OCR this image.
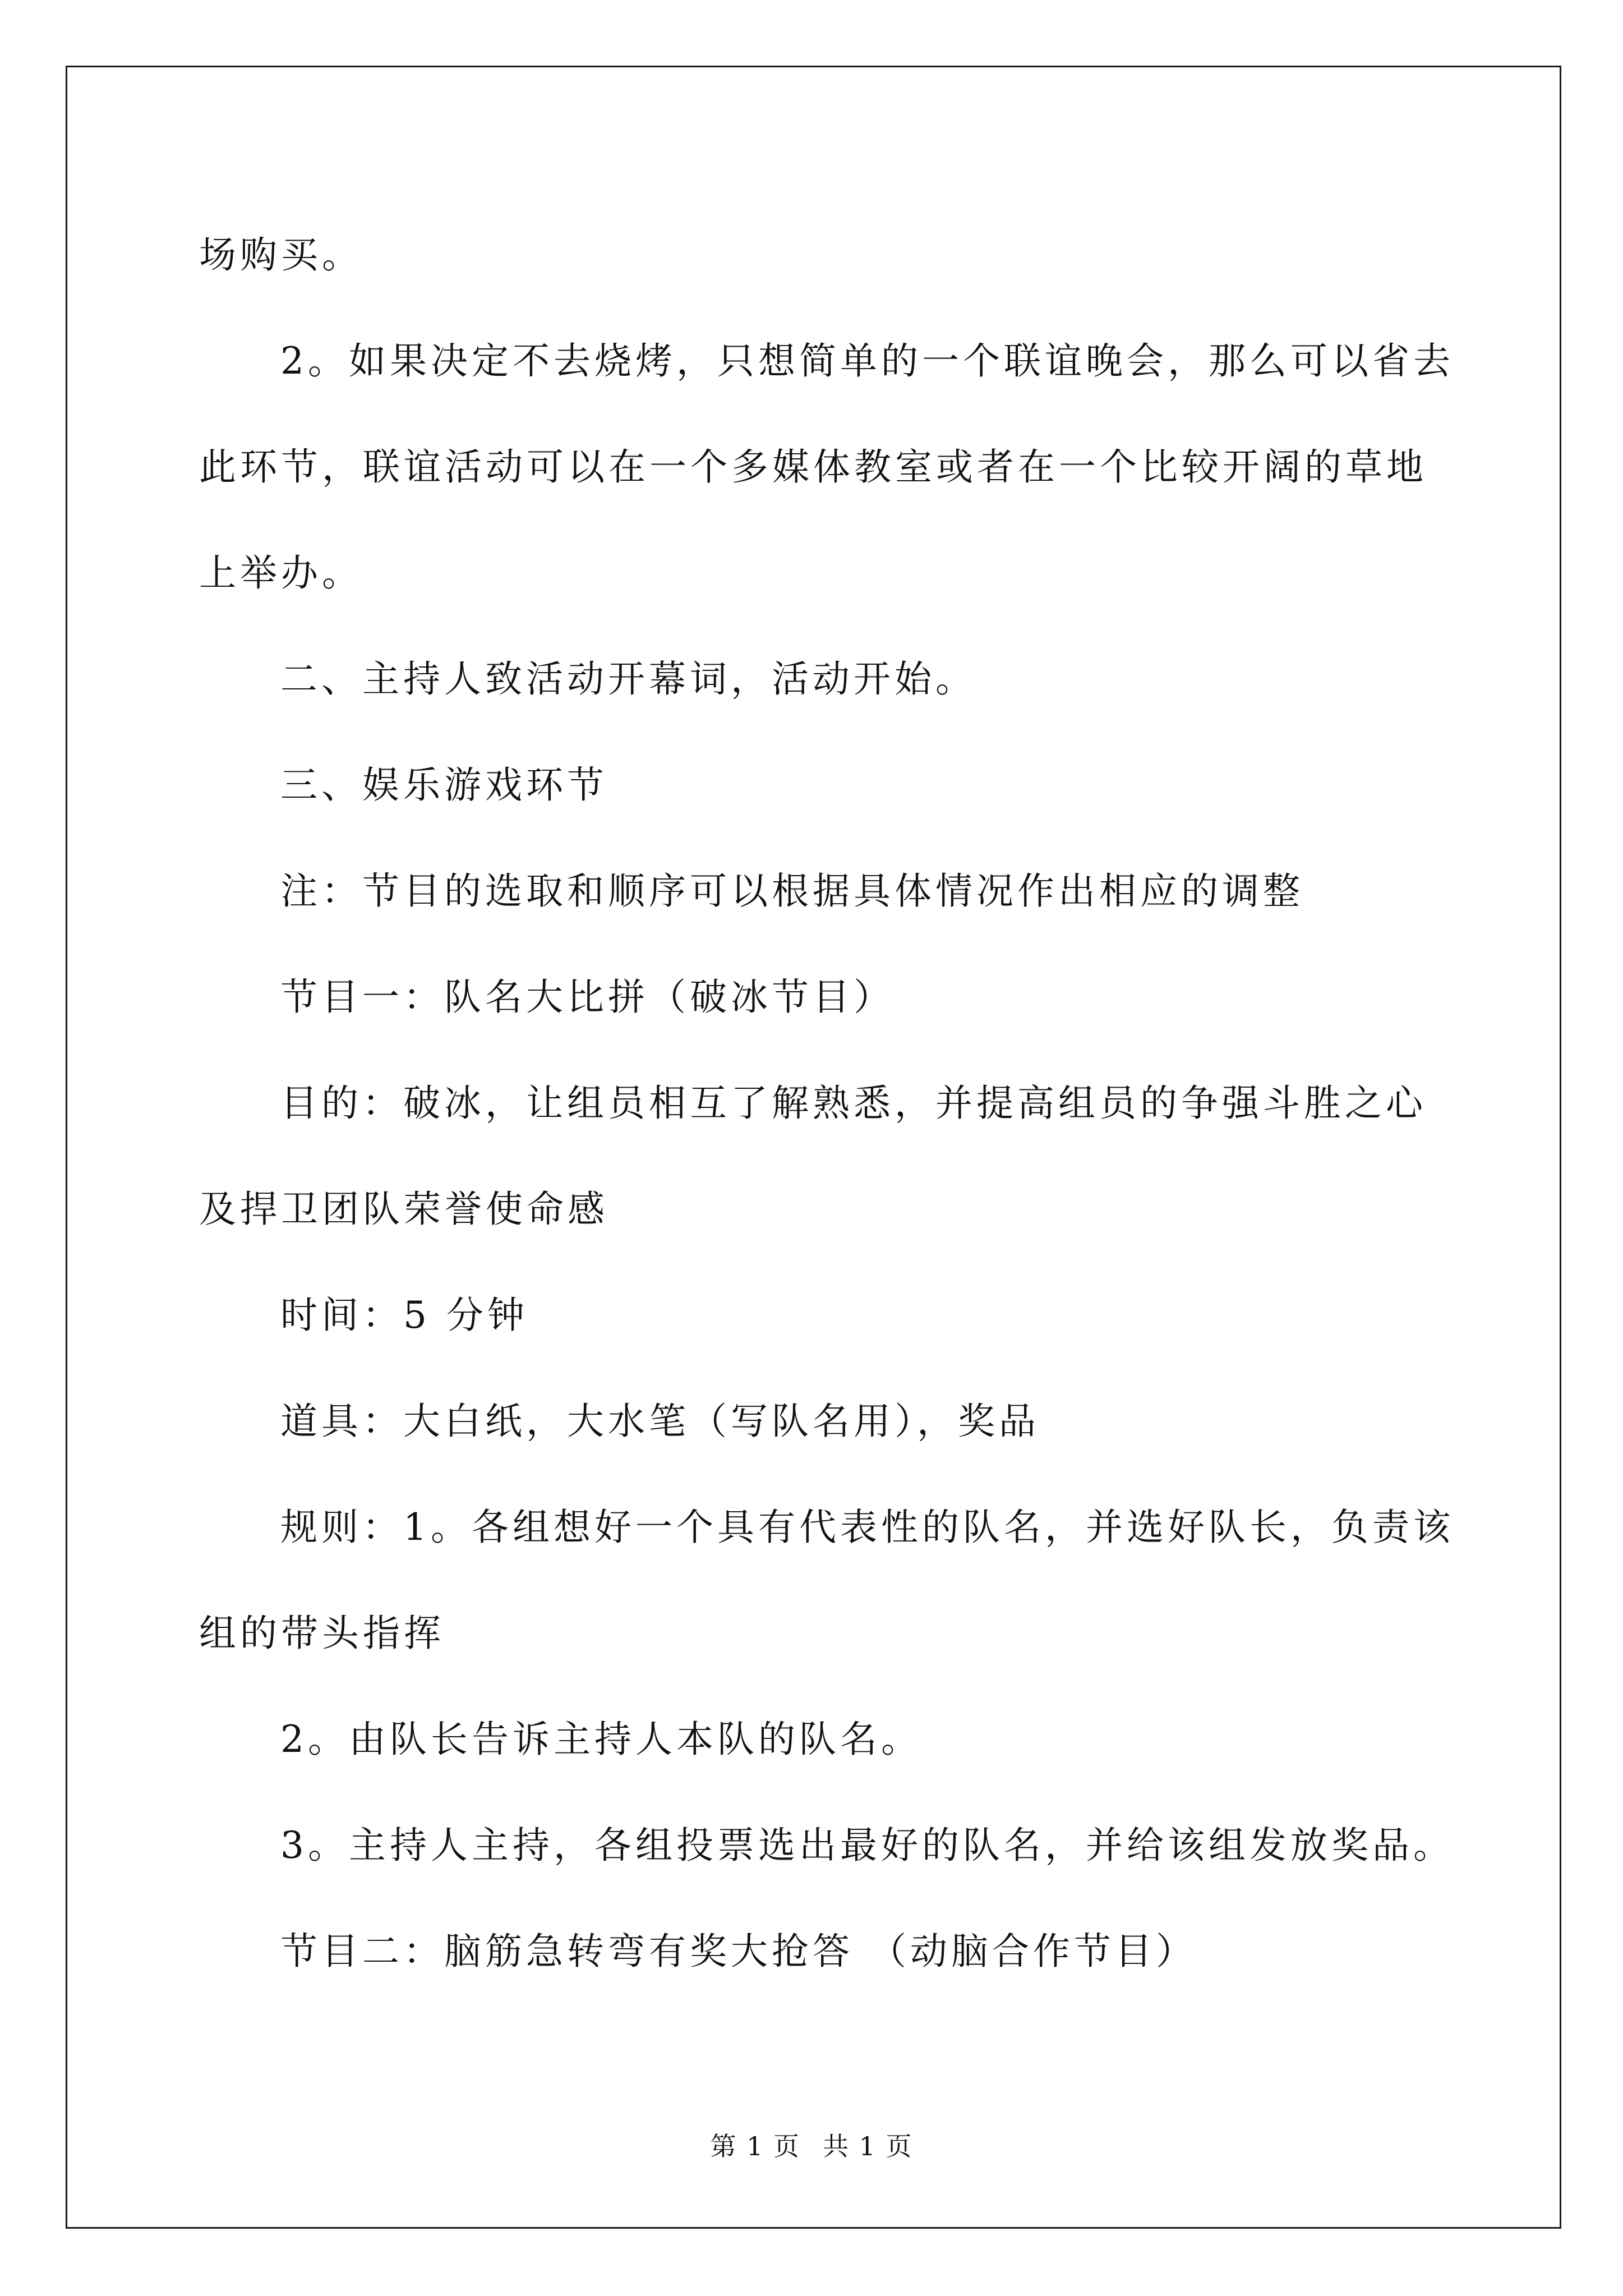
场购买。

2。如果决定不去烧烤，只想简单的一个联谊晚会，那么可以省去

此环节，联谊活动可以在一个多媒体教室或者在一个比较开阔的草地

上举办。

二、主持人致活动开幕词，活动开始。

三、娱乐游戏环节

注：节目的选取和顺序可以根据具体情况作出相应的调整

节目一：队名大比拼（破冰节目）

目的：破冰，让组员相互了解熟悉，并提高组员的争强斗胜之心

及捍卫团队荣誉使命感

时间：5 分钟

道具：大白纸，大水笔（写队名用），奖品

规则：1。各组想好一个具有代表性的队名，并选好队长，负责该

组的带头指挥

2。由队长告诉主持人本队的队名。

3。主持人主持，各组投票选出最好的队名，并给该组发放奖品。

节目二：脑筋急转弯有奖大抢答 （动脑合作节目）

第 1 页 共 1 页
